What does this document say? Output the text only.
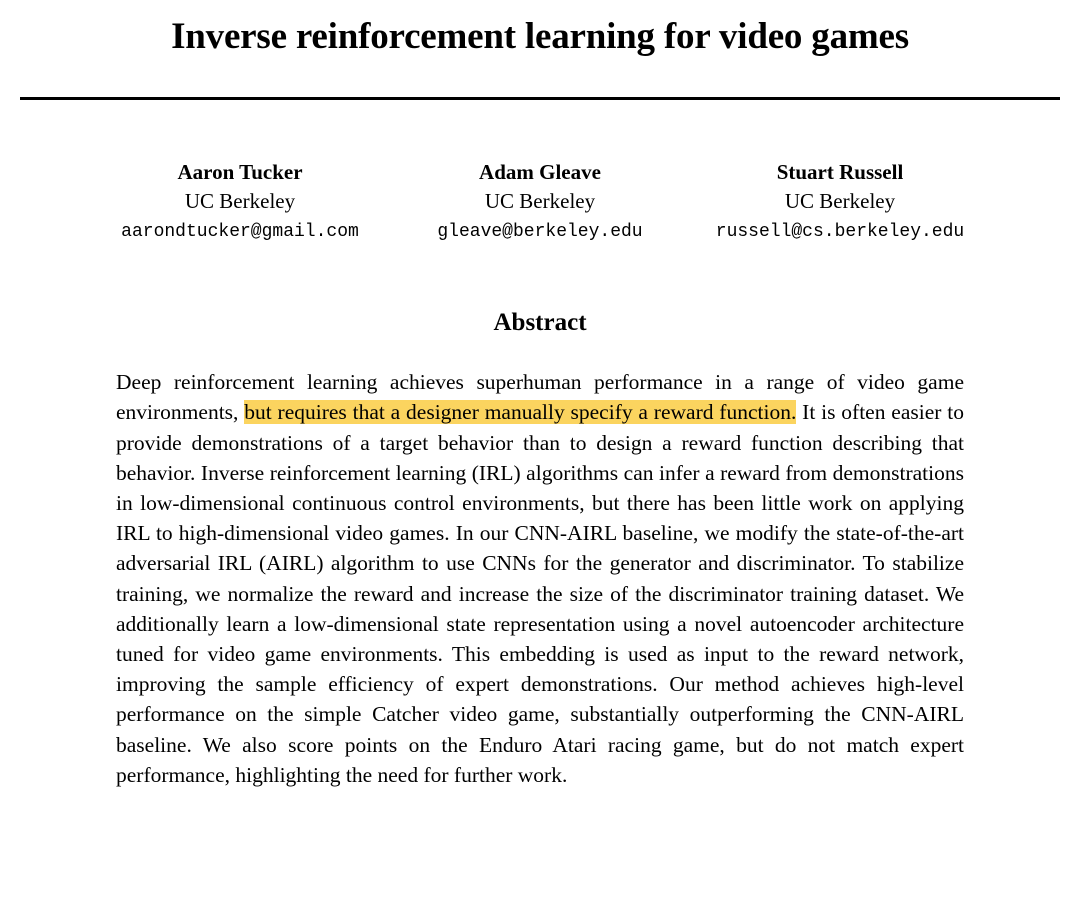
Inverse reinforcement learning for video games
Aaron Tucker
UC Berkeley
aarondtucker@gmail.com
Adam Gleave
UC Berkeley
gleave@berkeley.edu
Stuart Russell
UC Berkeley
russell@cs.berkeley.edu
Abstract
Deep reinforcement learning achieves superhuman performance in a range of video game environments, but requires that a designer manually specify a reward function. It is often easier to provide demonstrations of a target behavior than to design a reward function describing that behavior. Inverse reinforcement learning (IRL) algorithms can infer a reward from demonstrations in low-dimensional continuous control environments, but there has been little work on applying IRL to high-dimensional video games. In our CNN-AIRL baseline, we modify the state-of-the-art adversarial IRL (AIRL) algorithm to use CNNs for the generator and discriminator. To stabilize training, we normalize the reward and increase the size of the discriminator training dataset. We additionally learn a low-dimensional state representation using a novel autoencoder architecture tuned for video game environments. This embedding is used as input to the reward network, improving the sample efficiency of expert demonstrations. Our method achieves high-level performance on the simple Catcher video game, substantially outperforming the CNN-AIRL baseline. We also score points on the Enduro Atari racing game, but do not match expert performance, highlighting the need for further work.
